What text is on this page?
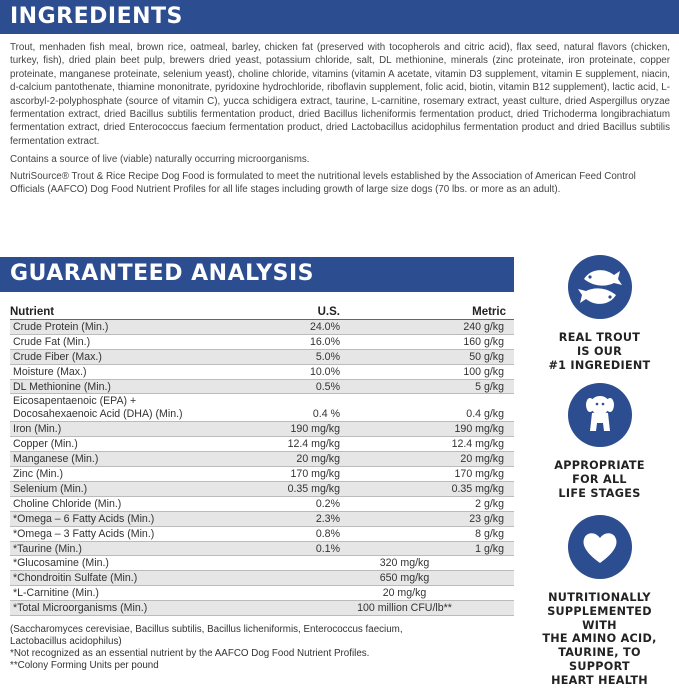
INGREDIENTS

Trout, menhaden fish meal, brown rice, oatmeal, barley, chicken fat (preserved with tocopherols and citric acid), flax seed, natural flavors (chicken, turkey, fish), dried plain beet pulp, brewers dried yeast, potassium chloride, salt, DL methionine, minerals (zinc proteinate, iron proteinate, copper proteinate, manganese proteinate, selenium yeast), choline chloride, vitamins (vitamin A acetate, vitamin D3 supplement, vitamin E supplement, niacin, d-calcium pantothenate, thiamine mononitrate, pyridoxine hydrochloride, riboflavin supplement, folic acid, biotin, vitamin B12 supplement), lactic acid, L-ascorbyl-2-polyphosphate (source of vitamin C), yucca schidigera extract, taurine, L-carnitine, rosemary extract, yeast culture, dried Aspergillus oryzae fermentation extract, dried Bacillus subtilis fermentation product, dried Bacillus licheniformis fermentation product, dried Trichoderma longibrachiatum fermentation extract, dried Enterococcus faecium fermentation product, dried Lactobacillus acidophilus fermentation product and dried Bacillus subtilis fermentation extract.

Contains a source of live (viable) naturally occurring microorganisms.

NutriSource® Trout & Rice Recipe Dog Food is formulated to meet the nutritional levels established by the Association of American Feed Control Officials (AAFCO) Dog Food Nutrient Profiles for all life stages including growth of large size dogs (70 lbs. or more as an adult).

GUARANTEED ANALYSIS
Nutrient	U.S.	Metric
Crude Protein (Min.)	24.0%	240 g/kg
Crude Fat (Min.)	16.0%	160 g/kg
Crude Fiber (Max.)	5.0%	50 g/kg
Moisture (Max.)	10.0%	100 g/kg
DL Methionine (Min.)	0.5%	5 g/kg
Eicosapentaenoic (EPA) +
Docosahexaenoic Acid (DHA) (Min.)	0.4 %	0.4 g/kg
Iron (Min.)	190 mg/kg	190 mg/kg
Copper (Min.)	12.4 mg/kg	12.4 mg/kg
Manganese (Min.)	20 mg/kg	20 mg/kg
Zinc (Min.)	170 mg/kg	170 mg/kg
Selenium (Min.)	0.35 mg/kg	0.35 mg/kg
Choline Chloride (Min.)	0.2%	2 g/kg
*Omega – 6 Fatty Acids (Min.)	2.3%	23 g/kg
*Omega – 3 Fatty Acids (Min.)	0.8%	8 g/kg
*Taurine (Min.)	0.1%	1 g/kg
*Glucosamine (Min.)	320 mg/kg
*Chondroitin Sulfate (Min.)	650 mg/kg
*L-Carnitine (Min.)	20 mg/kg
*Total Microorganisms (Min.)	100 million CFU/lb**
(Saccharomyces cerevisiae, Bacillus subtilis, Bacillus licheniformis, Enterococcus faecium,
Lactobacillus acidophilus)
*Not recognized as an essential nutrient by the AAFCO Dog Food Nutrient Profiles.
**Colony Forming Units per pound
REAL TROUT
IS OUR
#1 INGREDIENT
APPROPRIATE
FOR ALL
LIFE STAGES
NUTRITIONALLY
SUPPLEMENTED WITH
THE AMINO ACID,
TAURINE, TO SUPPORT
HEART HEALTH
